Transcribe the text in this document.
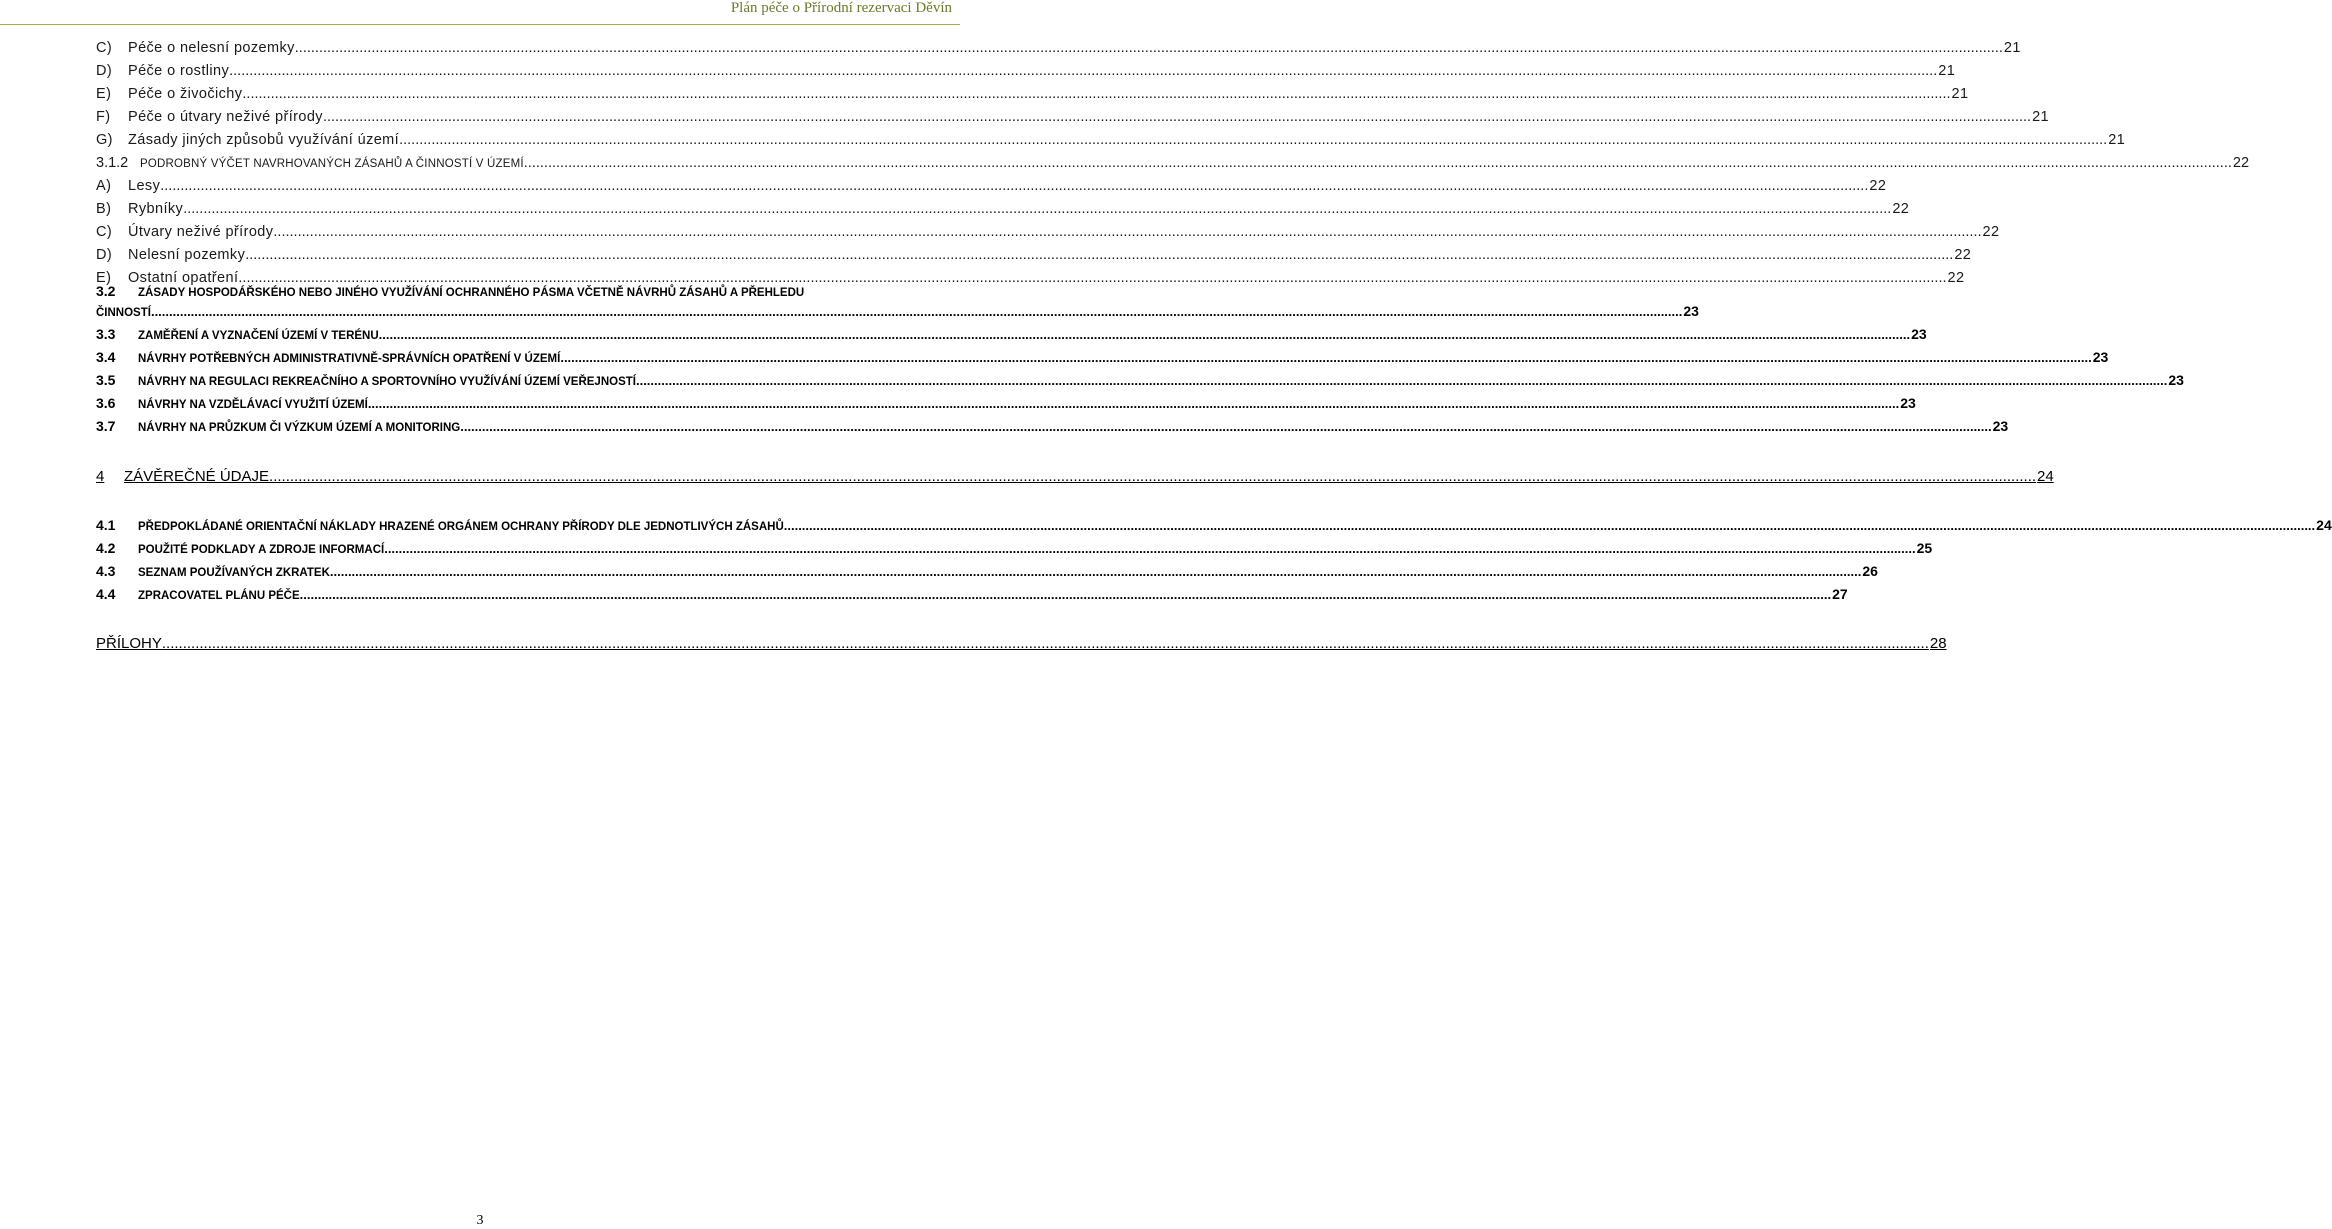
Plán péče o Přírodní rezervaci Děvín
C)	Péče o nelesní pozemky .....	21
D)	Péče o rostliny .....	21
E)	Péče o živočichy .....	21
F)	Péče o útvary neživé přírody .....	21
G)	Zásady jiných způsobů využívání území .....	21
3.1.2	PODROBNÝ VÝČET NAVRHOVANÝCH ZÁSAHŮ A ČINNOSTÍ V ÚZEMÍ .....	22
A)	Lesy .....	22
B)	Rybníky .....	22
C)	Útvary neživé přírody .....	22
D)	Nelesní pozemky .....	22
E)	Ostatní opatření .....	22
3.2	ZÁSADY HOSPODÁŘSKÉHO NEBO JINÉHO VYUŽÍVÁNÍ OCHRANNÉHO PÁSMA VČETNĚ NÁVRHŮ ZÁSAHŮ A PŘEHLEDU
ČINNOSTÍ .....	23
3.3	ZAMĚŘENÍ A VYZNAČENÍ ÚZEMÍ V TERÉNU .....	23
3.4	NÁVRHY POTŘEBNÝCH ADMINISTRATIVNĚ-SPRÁVNÍCH OPATŘENÍ V ÚZEMÍ .....	23
3.5	NÁVRHY NA REGULACI REKREAČNÍHO A SPORTOVNÍHO VYUŽÍVÁNÍ ÚZEMÍ VEŘEJNOSTÍ .....	23
3.6	NÁVRHY NA VZDĚLÁVACÍ VYUŽITÍ ÚZEMÍ .....	23
3.7	NÁVRHY NA PRŮZKUM ČI VÝZKUM ÚZEMÍ A MONITORING .....	23
4	ZÁVĚREČNÉ ÚDAJE .....	24
4.1	PŘEDPOKLÁDANÉ ORIENTAČNÍ NÁKLADY HRAZENÉ ORGÁNEM OCHRANY PŘÍRODY DLE JEDNOTLIVÝCH ZÁSAHŮ .....	24
4.2	POUŽITÉ PODKLADY A ZDROJE INFORMACÍ .....	25
4.3	SEZNAM POUŽÍVANÝCH ZKRATEK .....	26
4.4	ZPRACOVATEL PLÁNU PÉČE .....	27
PŘÍLOHY .....	28
3
